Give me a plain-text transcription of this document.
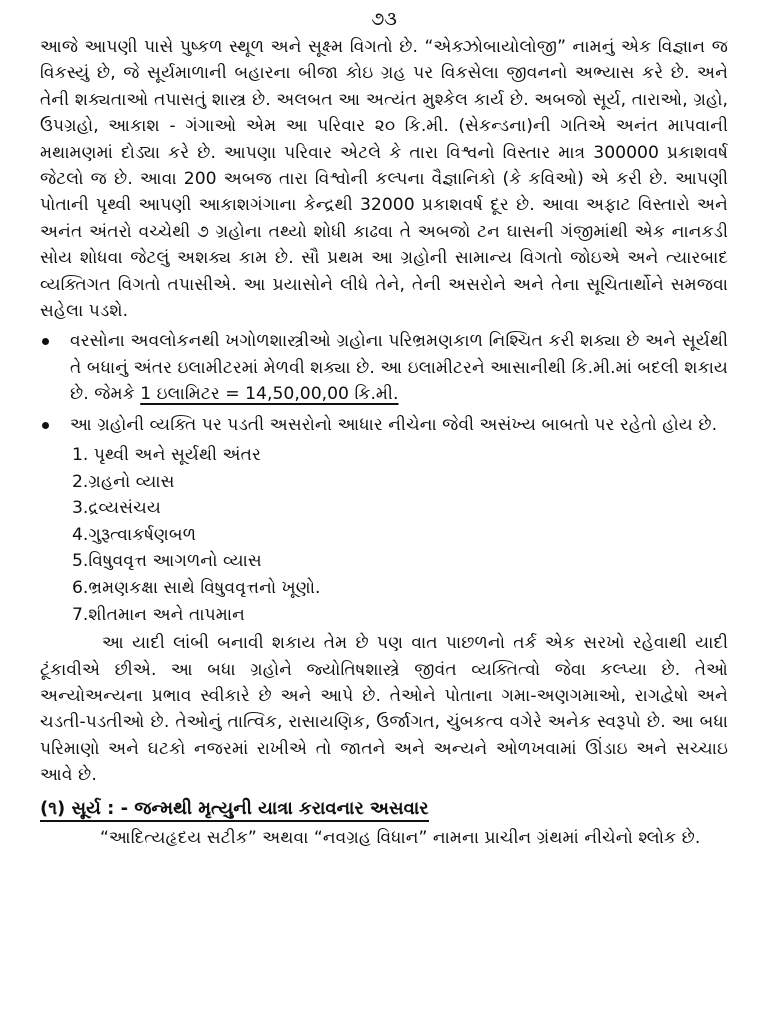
૭૩

આજે આપણી પાસે પુષ્કળ સ્થૂળ અને સૂક્ષ્મ વિગતો છે. “એક્ઝોબાયોલોજી” નામનું એક વિજ્ઞાન જ વિકસ્યું છે, જે સૂર્યમાળાની બહારના બીજા કોઇ ગ્રહ પર વિકસેલા જીવનનો અભ્યાસ કરે છે. અને તેની શક્યતાઓ તપાસતું શાસ્ત્ર છે. અલબત આ અત્યંત મુશ્કેલ કાર્ય છે. અબજો સૂર્ય, તારાઓ, ગ્રહો, ઉપગ્રહો, આકાશ - ગંગાઓ એમ આ પરિવાર ૨૦ કિ.મી. (સેકન્ડના)ની ગતિએ અનંત માપવાની મથામણમાં દોડ્યા કરે છે. આપણા પરિવાર એટલે કે તારા વિશ્વનો વિસ્તાર માત્ર 300000 પ્રકાશવર્ષ જેટલો જ છે. આવા 200 અબજ તારા વિશ્વોની કલ્પના વૈજ્ઞાનિકો (કે કવિઓ) એ કરી છે. આપણી પોતાની પૃથ્વી આપણી આકાશગંગાના કેન્દ્રથી 32000 પ્રકાશવર્ષ દૂર છે. આવા અફાટ વિસ્તારો અને અનંત અંતરો વચ્ચેથી ૭ ગ્રહોના તથ્યો શોધી કાઢવા તે અબજો ટન ઘાસની ગંજીમાંથી એક નાનકડી સોય શોધવા જેટલું અશક્ય કામ છે. સૌ પ્રથમ આ ગ્રહોની સામાન્ય વિગતો જોઇએ અને ત્યારબાદ વ્યક્તિગત વિગતો તપાસીએ. આ પ્રયાસોને લીધે તેને, તેની અસરોને અને તેના સૂચિતાર્થોને સમજવા સહેલા પડશે.

વરસોના અવલોકનથી ખગોળશાસ્ત્રીઓ ગ્રહોના પરિભ્રમણકાળ નિશ્ચિત કરી શક્યા છે અને સૂર્યથી તે બધાનું અંતર ઇલામીટરમાં મેળવી શક્યા છે. આ ઇલામીટરને આસાનીથી કિ.મી.માં બદલી શકાય છે. જેમકે 1 ઇલામિટર = 14,50,00,00 કિ.મી.
આ ગ્રહોની વ્યક્તિ પર પડતી અસરોનો આધાર નીચેના જેવી અસંખ્ય બાબતો પર રહેતો હોય છે.
1. પૃથ્વી અને સૂર્યથી અંતર
2.ગ્રહનો વ્યાસ
3.દ્રવ્યસંચય
4.ગુરૂત્વાકર્ષણબળ
5.વિષુવવૃત્ત આગળનો વ્યાસ
6.ભ્રમણકક્ષા સાથે વિષુવવૃત્તનો ખૂણો.
7.શીતમાન અને તાપમાન

આ યાદી લાંબી બનાવી શકાય તેમ છે પણ વાત પાછળનો તર્ક એક સરખો રહેવાથી યાદી ટૂંકાવીએ છીએ. આ બધા ગ્રહોને જ્યોતિષશાસ્ત્રે જીવંત વ્યક્તિત્વો જેવા કલ્પ્યા છે. તેઓ અન્યોઅન્યના પ્રભાવ સ્વીકારે છે અને આપે છે. તેઓને પોતાના ગમા-અણગમાઓ, રાગદ્વેષો અને ચડતી-પડતીઓ છે. તેઓનું તાત્વિક, રાસાયણિક, ઉર્જાગત, ચુંબકત્વ વગેરે અનેક સ્વરૂપો છે. આ બધા પરિમાણો અને ઘટકો નજરમાં રાખીએ તો જાતને અને અન્યને ઓળખવામાં ઊંડાઇ અને સચ્ચાઇ આવે છે.

(૧) સૂર્ય : - જન્મથી મૃત્યુની યાત્રા કરાવનાર અસવાર

“આદિત્યહૃદય સટીક” અથવા “નવગ્રહ વિધાન” નામના પ્રાચીન ગ્રંથમાં નીચેનો શ્લોક છે.
